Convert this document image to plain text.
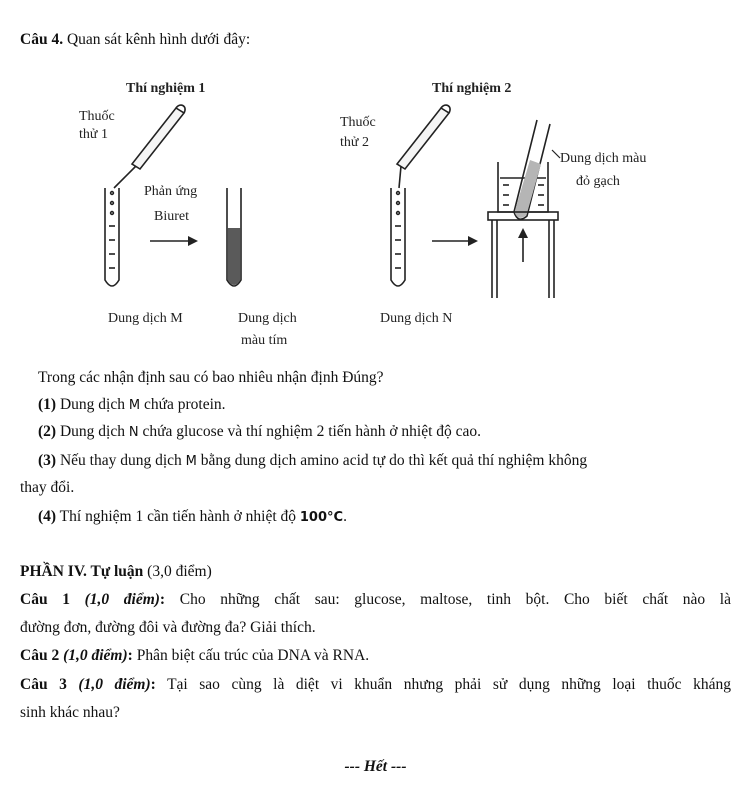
Câu 4. Quan sát kênh hình dưới đây:
Thí nghiệm 1	Thí nghiệm 2
Thuốc
thử 1
Phản ứng
Biuret
Dung dịch M	Dung dịch
màu tím
Thuốc
thử 2
Dung dịch màu
đỏ gạch
Dung dịch N
Trong các nhận định sau có bao nhiêu nhận định Đúng?
(1) Dung dịch M chứa protein.
(2) Dung dịch N chứa glucose và thí nghiệm 2 tiến hành ở nhiệt độ cao.
(3) Nếu thay dung dịch M bằng dung dịch amino acid tự do thì kết quả thí nghiệm không
thay đổi.
(4) Thí nghiệm 1 cần tiến hành ở nhiệt độ 100°C.
PHẦN IV. Tự luận (3,0 điểm)
Câu 1 (1,0 điểm): Cho những chất sau: glucose, maltose, tinh bột. Cho biết chất nào là
đường đơn, đường đôi và đường đa? Giải thích.
Câu 2 (1,0 điểm): Phân biệt cấu trúc của DNA và RNA.
Câu 3 (1,0 điểm): Tại sao cùng là diệt vi khuẩn nhưng phải sử dụng những loại thuốc kháng
sinh khác nhau?
--- Hết ---
